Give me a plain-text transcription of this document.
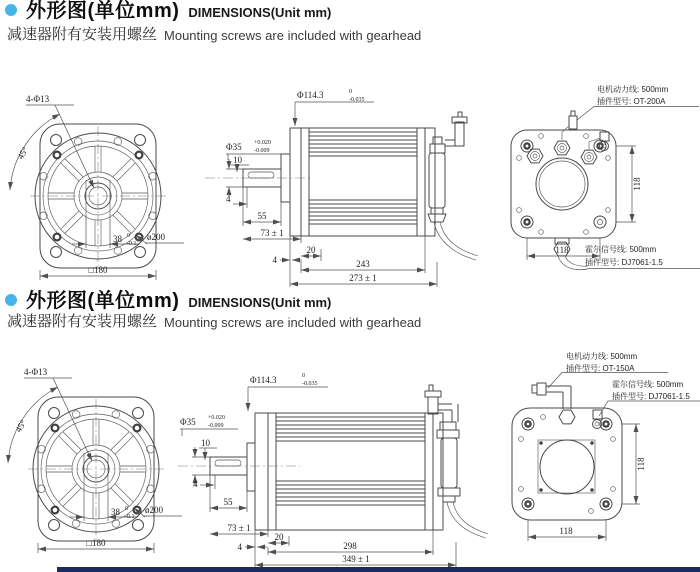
外形图(单位mm) DIMENSIONS(Unit mm)
减速器附有安装用螺丝 Mounting screws are included with gearhead
4-Φ13
45°
ø200
38 0
-0.1
□180
Φ114.3	0
-0.035
Φ35 +0.020
-0.009
10
4
55
73 ± 1
20
4	243
273 ± 1
电机动力线: 500mm
插件型号: OT-200A
霍尔信号线: 500mm
插件型号: DJ7061-1.5
118
118
外形图(单位mm) DIMENSIONS(Unit mm)
减速器附有安装用螺丝 Mounting screws are included with gearhead
Φ114.3	0
-0.035
Φ35 +0.020
-0.009
10
4
55
73 ± 1
20
4	298
349 ± 1
电机动力线: 500mm
插件型号: OT-150A
霍尔信号线: 500mm
插件型号: DJ7061-1.5
118
118
